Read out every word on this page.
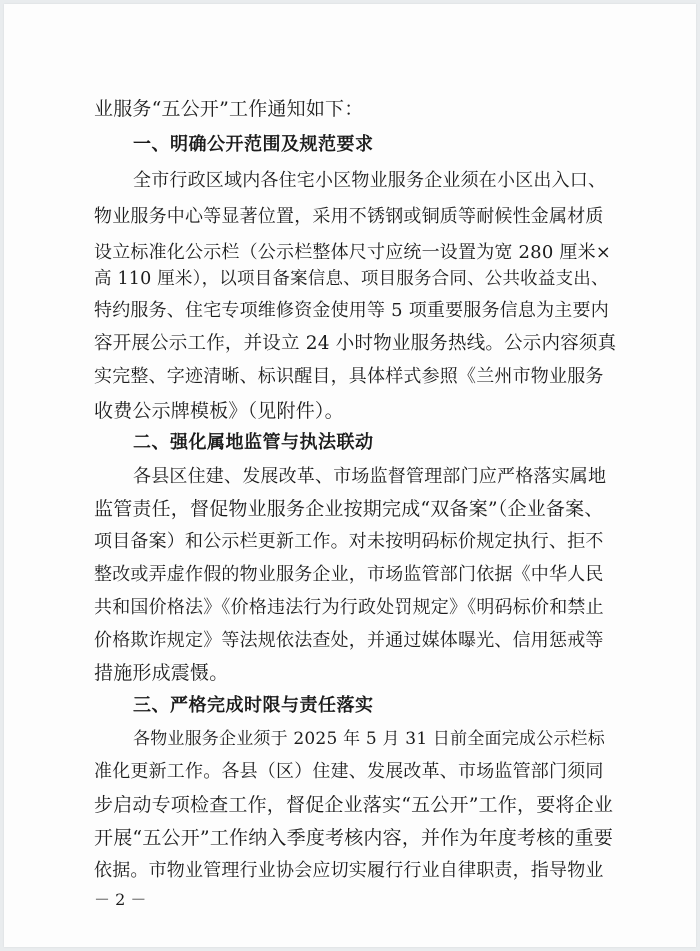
业服务“五公开”工作通知如下：
一、明确公开范围及规范要求
全市行政区域内各住宅小区物业服务企业须在小区出入口、
物业服务中心等显著位置，采用不锈钢或铜质等耐候性金属材质
设立标准化公示栏（公示栏整体尺寸应统一设置为宽 280 厘米×
高 110 厘米），以项目备案信息、项目服务合同、公共收益支出、
特约服务、住宅专项维修资金使用等 5 项重要服务信息为主要内
容开展公示工作，并设立 24 小时物业服务热线。公示内容须真
实完整、字迹清晰、标识醒目，具体样式参照《兰州市物业服务
收费公示牌模板》（见附件）。
二、强化属地监管与执法联动
各县区住建、发展改革、市场监督管理部门应严格落实属地
监管责任，督促物业服务企业按期完成“双备案”（企业备案、
项目备案）和公示栏更新工作。对未按明码标价规定执行、拒不
整改或弄虚作假的物业服务企业，市场监管部门依据《中华人民
共和国价格法》《价格违法行为行政处罚规定》《明码标价和禁止
价格欺诈规定》等法规依法查处，并通过媒体曝光、信用惩戒等
措施形成震慑。
三、严格完成时限与责任落实
各物业服务企业须于 2025 年 5 月 31 日前全面完成公示栏标
准化更新工作。各县（区）住建、发展改革、市场监管部门须同
步启动专项检查工作，督促企业落实“五公开”工作，要将企业
开展“五公开”工作纳入季度考核内容，并作为年度考核的重要
依据。市物业管理行业协会应切实履行行业自律职责，指导物业
－ 2 －
